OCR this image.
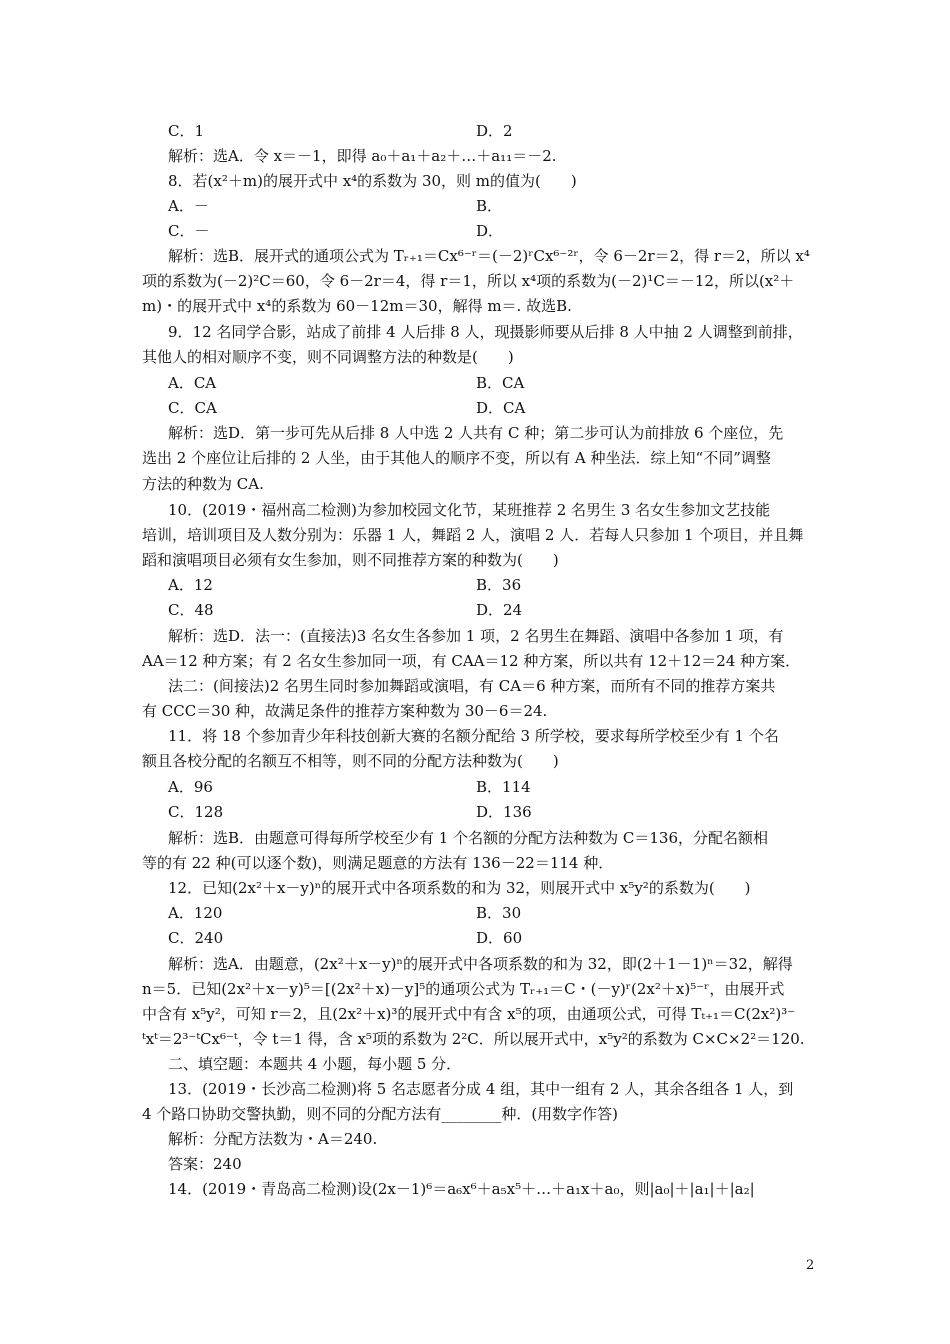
C．1	D．2
解析：选A．令 x＝－1，即得 a₀＋a₁＋a₂＋…＋a₁₁＝－2.
8．若(x²＋m)的展开式中 x⁴的系数为 30，则 m的值为(　　)
A．－	B．
C．－	D．
解析：选B．展开式的通项公式为 Tᵣ₊₁＝Cx⁶⁻ʳ＝(－2)ʳCx⁶⁻²ʳ，令 6－2r＝2，得 r＝2，所以 x⁴
项的系数为(－2)²C＝60，令 6－2r＝4，得 r＝1，所以 x⁴项的系数为(－2)¹C＝－12，所以(x²＋
m)・的展开式中 x⁴的系数为 60－12m＝30，解得 m＝. 故选B.
9．12 名同学合影，站成了前排 4 人后排 8 人，现摄影师要从后排 8 人中抽 2 人调整到前排，
其他人的相对顺序不变，则不同调整方法的种数是(　　)
A．CA	B．CA
C．CA	D．CA
解析：选D．第一步可先从后排 8 人中选 2 人共有 C 种；第二步可认为前排放 6 个座位，先
选出 2 个座位让后排的 2 人坐，由于其他人的顺序不变，所以有 A 种坐法．综上知“不同”调整
方法的种数为 CA.
10．(2019・福州高二检测)为参加校园文化节，某班推荐 2 名男生 3 名女生参加文艺技能
培训，培训项目及人数分别为：乐器 1 人，舞蹈 2 人，演唱 2 人．若每人只参加 1 个项目，并且舞
蹈和演唱项目必须有女生参加，则不同推荐方案的种数为(　　)
A．12	B．36
C．48	D．24
解析：选D．法一：(直接法)3 名女生各参加 1 项，2 名男生在舞蹈、演唱中各参加 1 项，有
AA＝12 种方案；有 2 名女生参加同一项，有 CAA＝12 种方案，所以共有 12＋12＝24 种方案．
法二：(间接法)2 名男生同时参加舞蹈或演唱，有 CA＝6 种方案，而所有不同的推荐方案共
有 CCC＝30 种，故满足条件的推荐方案种数为 30－6＝24.
11．将 18 个参加青少年科技创新大赛的名额分配给 3 所学校，要求每所学校至少有 1 个名
额且各校分配的名额互不相等，则不同的分配方法种数为(　　)
A．96	B．114
C．128	D．136
解析：选B．由题意可得每所学校至少有 1 个名额的分配方法种数为 C＝136，分配名额相
等的有 22 种(可以逐个数)，则满足题意的方法有 136－22＝114 种．
12．已知(2x²＋x－y)ⁿ的展开式中各项系数的和为 32，则展开式中 x⁵y²的系数为(　　)
A．120	B．30
C．240	D．60
解析：选A．由题意，(2x²＋x－y)ⁿ的展开式中各项系数的和为 32，即(2＋1－1)ⁿ＝32，解得
n＝5．已知(2x²＋x－y)⁵＝[(2x²＋x)－y]⁵的通项公式为 Tᵣ₊₁＝C・(－y)ʳ(2x²＋x)⁵⁻ʳ，由展开式
中含有 x⁵y²，可知 r＝2，且(2x²＋x)³的展开式中有含 x⁵的项，由通项公式，可得 Tₜ₊₁＝C(2x²)³⁻
ᵗxᵗ＝2³⁻ᵗCx⁶⁻ᵗ，令 t＝1 得，含 x⁵项的系数为 2²C．所以展开式中，x⁵y²的系数为 C×C×2²＝120.
二、填空题：本题共 4 小题，每小题 5 分．
13．(2019・长沙高二检测)将 5 名志愿者分成 4 组，其中一组有 2 人，其余各组各 1 人，到
4 个路口协助交警执勤，则不同的分配方法有________种．(用数字作答)
解析：分配方法数为・A＝240.
答案：240
14．(2019・青岛高二检测)设(2x－1)⁶＝a₆x⁶＋a₅x⁵＋…＋a₁x＋a₀，则|a₀|＋|a₁|＋|a₂|
2
